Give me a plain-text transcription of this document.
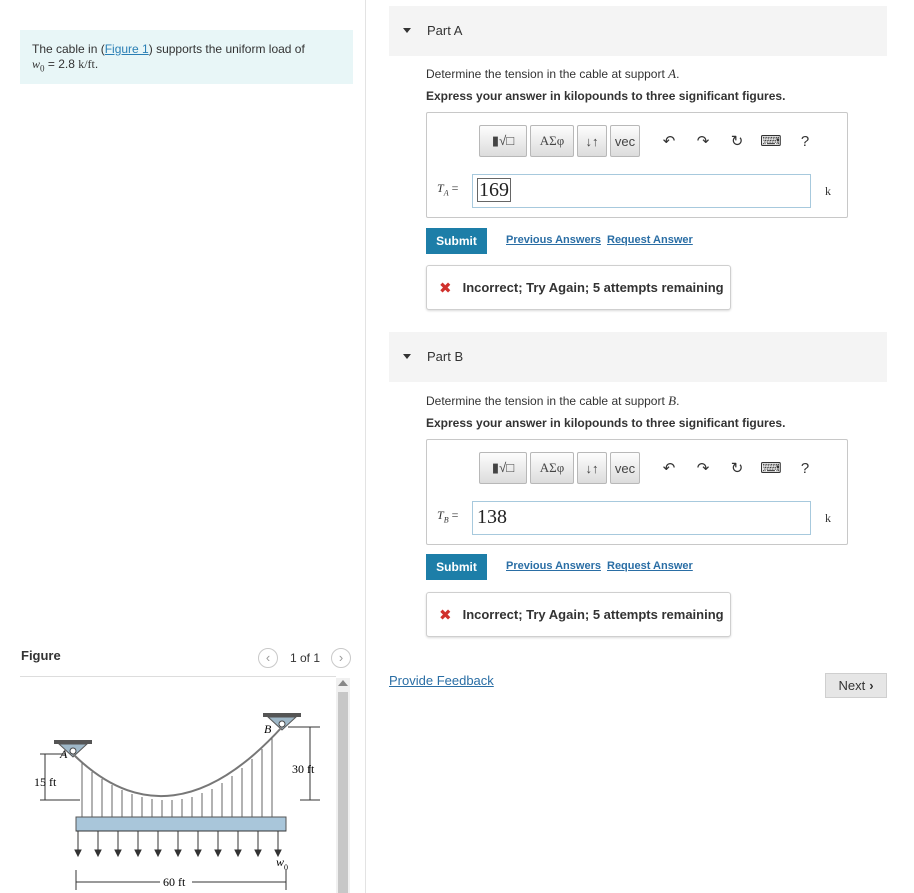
The cable in (Figure 1) supports the uniform load of
$w_0 = 2.8$ k/ft.
Figure	‹	1 of 1	›
A
B
15 ft
30 ft
60 ft
w 0
Part A
Determine the tension in the cable at support A.
Express your answer in kilopounds to three significant figures.
▮√□	ΑΣφ	↓↑	vec	↶	↷	↻	⌨	?
$T_A$ =	169	k
Submit	Previous Answers Request Answer
✖ Incorrect; Try Again; 5 attempts remaining
Part B
Determine the tension in the cable at support B.
Express your answer in kilopounds to three significant figures.
▮√□	ΑΣφ	↓↑	vec	↶	↷	↻	⌨	?
$T_B = 138$	k
Submit	Previous Answers Request Answer
✖ Incorrect; Try Again; 5 attempts remaining
Provide Feedback	Next ›
